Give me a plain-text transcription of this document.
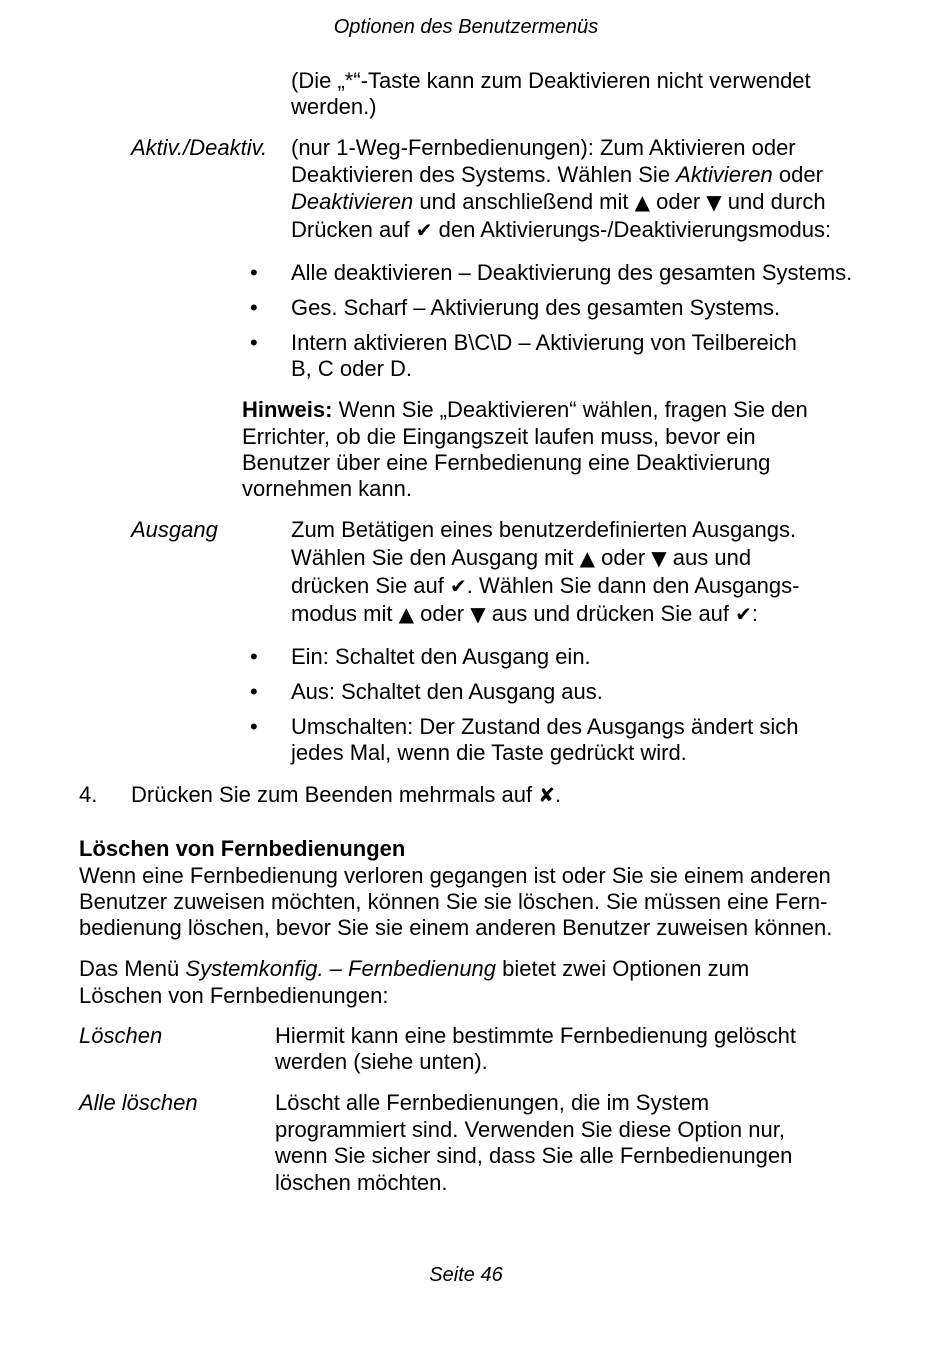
Optionen des Benutzermenüs
(Die „*“-Taste kann zum Deaktivieren nicht verwendet
werden.)
Aktiv./Deaktiv. (nur 1-Weg-Fernbedienungen): Zum Aktivieren oder
Deaktivieren des Systems. Wählen Sie Aktivieren oder
Deaktivieren und anschließend mit ▲ oder ▼ und durch
Drücken auf ✔ den Aktivierungs-/Deaktivierungsmodus:
•	Alle deaktivieren – Deaktivierung des gesamten Systems.
•	Ges. Scharf – Aktivierung des gesamten Systems.
•	Intern aktivieren B\C\D – Aktivierung von Teilbereich
B, C oder D.
Hinweis: Wenn Sie „Deaktivieren“ wählen, fragen Sie den
Errichter, ob die Eingangszeit laufen muss, bevor ein
Benutzer über eine Fernbedienung eine Deaktivierung
vornehmen kann.
Ausgang	Zum Betätigen eines benutzerdefinierten Ausgangs.
Wählen Sie den Ausgang mit ▲ oder ▼ aus und
drücken Sie auf ✔. Wählen Sie dann den Ausgangs-
modus mit ▲ oder ▼ aus und drücken Sie auf ✔:
•	Ein: Schaltet den Ausgang ein.
•	Aus: Schaltet den Ausgang aus.
•	Umschalten: Der Zustand des Ausgangs ändert sich
jedes Mal, wenn die Taste gedrückt wird.
4. Drücken Sie zum Beenden mehrmals auf ✘.
Löschen von Fernbedienungen
Wenn eine Fernbedienung verloren gegangen ist oder Sie sie einem anderen
Benutzer zuweisen möchten, können Sie sie löschen. Sie müssen eine Fern-
bedienung löschen, bevor Sie sie einem anderen Benutzer zuweisen können.
Das Menü Systemkonfig. – Fernbedienung bietet zwei Optionen zum
Löschen von Fernbedienungen:
Löschen	Hiermit kann eine bestimmte Fernbedienung gelöscht
werden (siehe unten).
Alle löschen	Löscht alle Fernbedienungen, die im System
programmiert sind. Verwenden Sie diese Option nur,
wenn Sie sicher sind, dass Sie alle Fernbedienungen
löschen möchten.
Seite 46
